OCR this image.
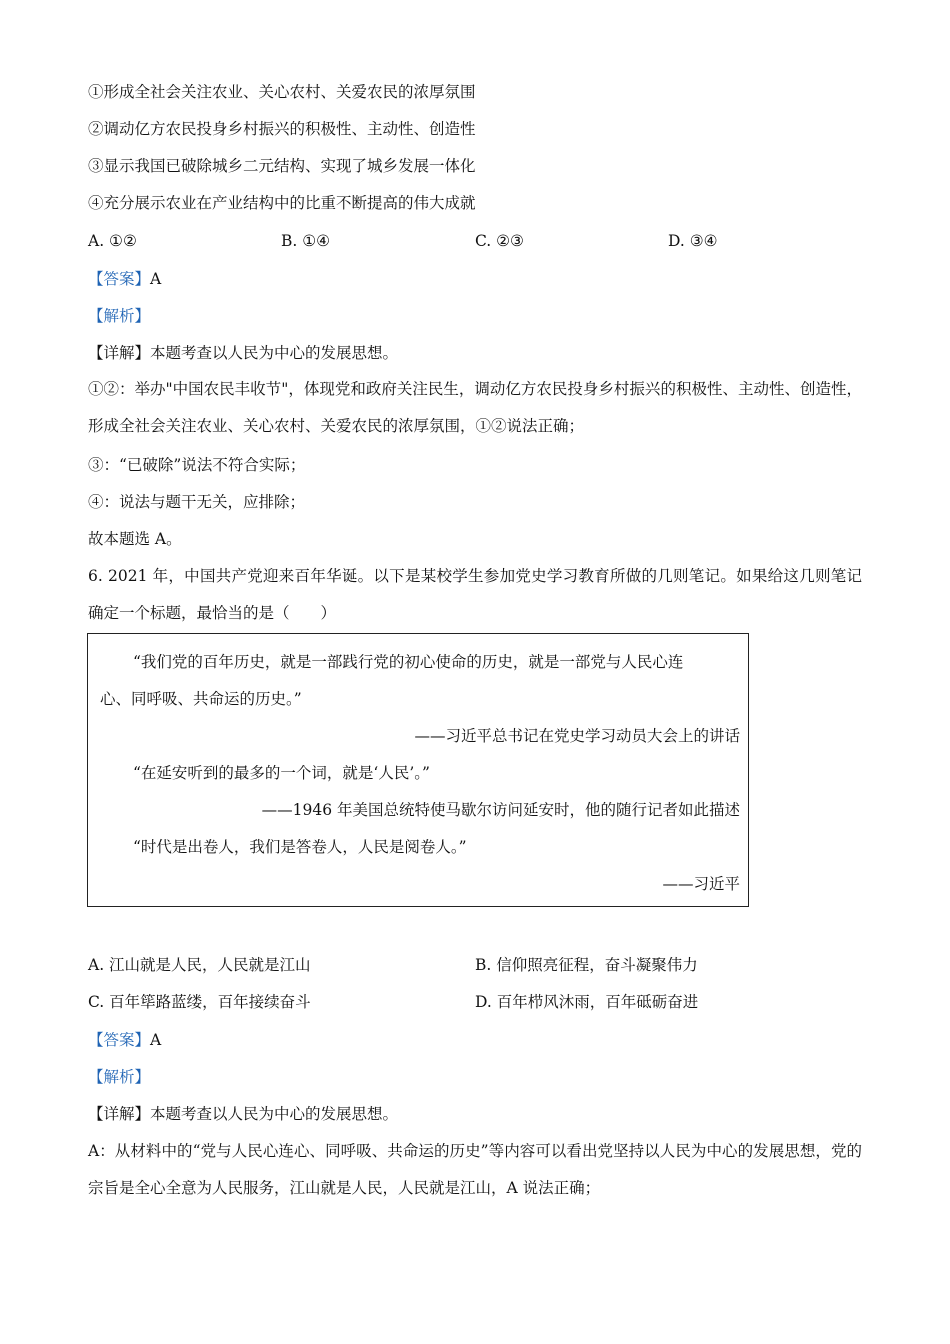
①形成全社会关注农业、关心农村、关爱农民的浓厚氛围
②调动亿方农民投身乡村振兴的积极性、主动性、创造性
③显示我国已破除城乡二元结构、实现了城乡发展一体化
④充分展示农业在产业结构中的比重不断提高的伟大成就
A. ①②	B. ①④	C. ②③	D. ③④
【答案】A
【解析】
【详解】本题考查以人民为中心的发展思想。
①②：举办"中国农民丰收节"，体现党和政府关注民生，调动亿方农民投身乡村振兴的积极性、主动性、创造性，形成全社会关注农业、关心农村、关爱农民的浓厚氛围，①②说法正确；
③：“已破除”说法不符合实际；
④：说法与题干无关，应排除；
故本题选 A。
6. 2021 年，中国共产党迎来百年华诞。以下是某校学生参加党史学习教育所做的几则笔记。如果给这几则笔记确定一个标题，最恰当的是（　　）
“我们党的百年历史，就是一部践行党的初心使命的历史，就是一部党与人民心连
心、同呼吸、共命运的历史。”
——习近平总书记在党史学习动员大会上的讲话
“在延安听到的最多的一个词，就是‘人民’。”
——1946 年美国总统特使马歇尔访问延安时，他的随行记者如此描述
“时代是出卷人，我们是答卷人，人民是阅卷人。”
——习近平
A. 江山就是人民，人民就是江山	B. 信仰照亮征程，奋斗凝聚伟力
C. 百年筚路蓝缕，百年接续奋斗	D. 百年栉风沐雨，百年砥砺奋进
【答案】A
【解析】
【详解】本题考查以人民为中心的发展思想。
A：从材料中的“党与人民心连心、同呼吸、共命运的历史”等内容可以看出党坚持以人民为中心的发展思想，党的宗旨是全心全意为人民服务，江山就是人民，人民就是江山，A 说法正确；
